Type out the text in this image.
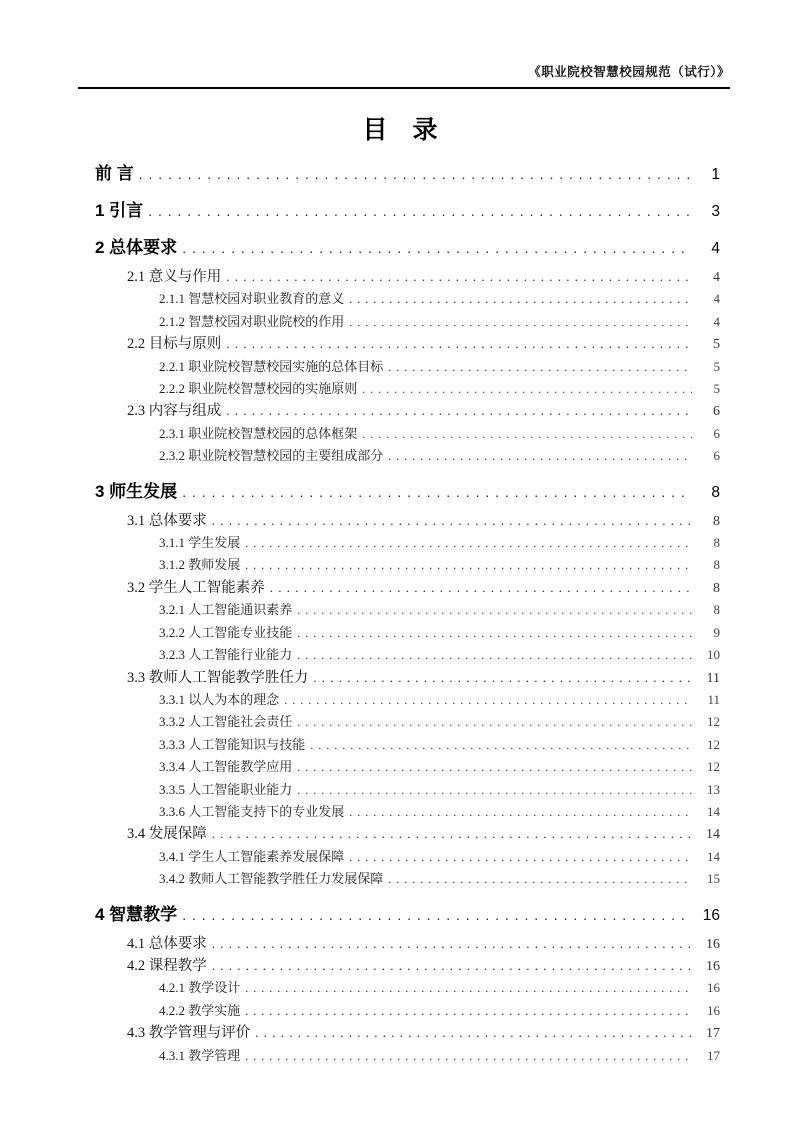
《职业院校智慧校园规范（试行）》
目　录
前 言 . . .	1
1 引言 . . .	3
2 总体要求 . . .	4
2.1 意义与作用 . . .	4
2.1.1 智慧校园对职业教育的意义 . . .	4
2.1.2 智慧校园对职业院校的作用 . . .	4
2.2 目标与原则 . . .	5
2.2.1 职业院校智慧校园实施的总体目标 . . .	5
2.2.2 职业院校智慧校园的实施原则 . . .	5
2.3 内容与组成 . . .	6
2.3.1 职业院校智慧校园的总体框架 . . .	6
2.3.2 职业院校智慧校园的主要组成部分 . . .	6
3 师生发展 . . .	8
3.1 总体要求 . . .	8
3.1.1 学生发展 . . .	8
3.1.2 教师发展 . . .	8
3.2 学生人工智能素养 . . .	8
3.2.1 人工智能通识素养 . . .	8
3.2.2 人工智能专业技能 . . .	9
3.2.3 人工智能行业能力 . . .	10
3.3 教师人工智能教学胜任力 . . .	11
3.3.1 以人为本的理念 . . .	11
3.3.2 人工智能社会责任 . . .	12
3.3.3 人工智能知识与技能 . . .	12
3.3.4 人工智能教学应用 . . .	12
3.3.5 人工智能职业能力 . . .	13
3.3.6 人工智能支持下的专业发展 . . .	14
3.4 发展保障 . . .	14
3.4.1 学生人工智能素养发展保障 . . .	14
3.4.2 教师人工智能教学胜任力发展保障 . . .	15
4 智慧教学 . . .	16
4.1 总体要求 . . .	16
4.2 课程教学 . . .	16
4.2.1 教学设计 . . .	16
4.2.2 教学实施 . . .	16
4.3 教学管理与评价 . . .	17
4.3.1 教学管理 . . .	17
